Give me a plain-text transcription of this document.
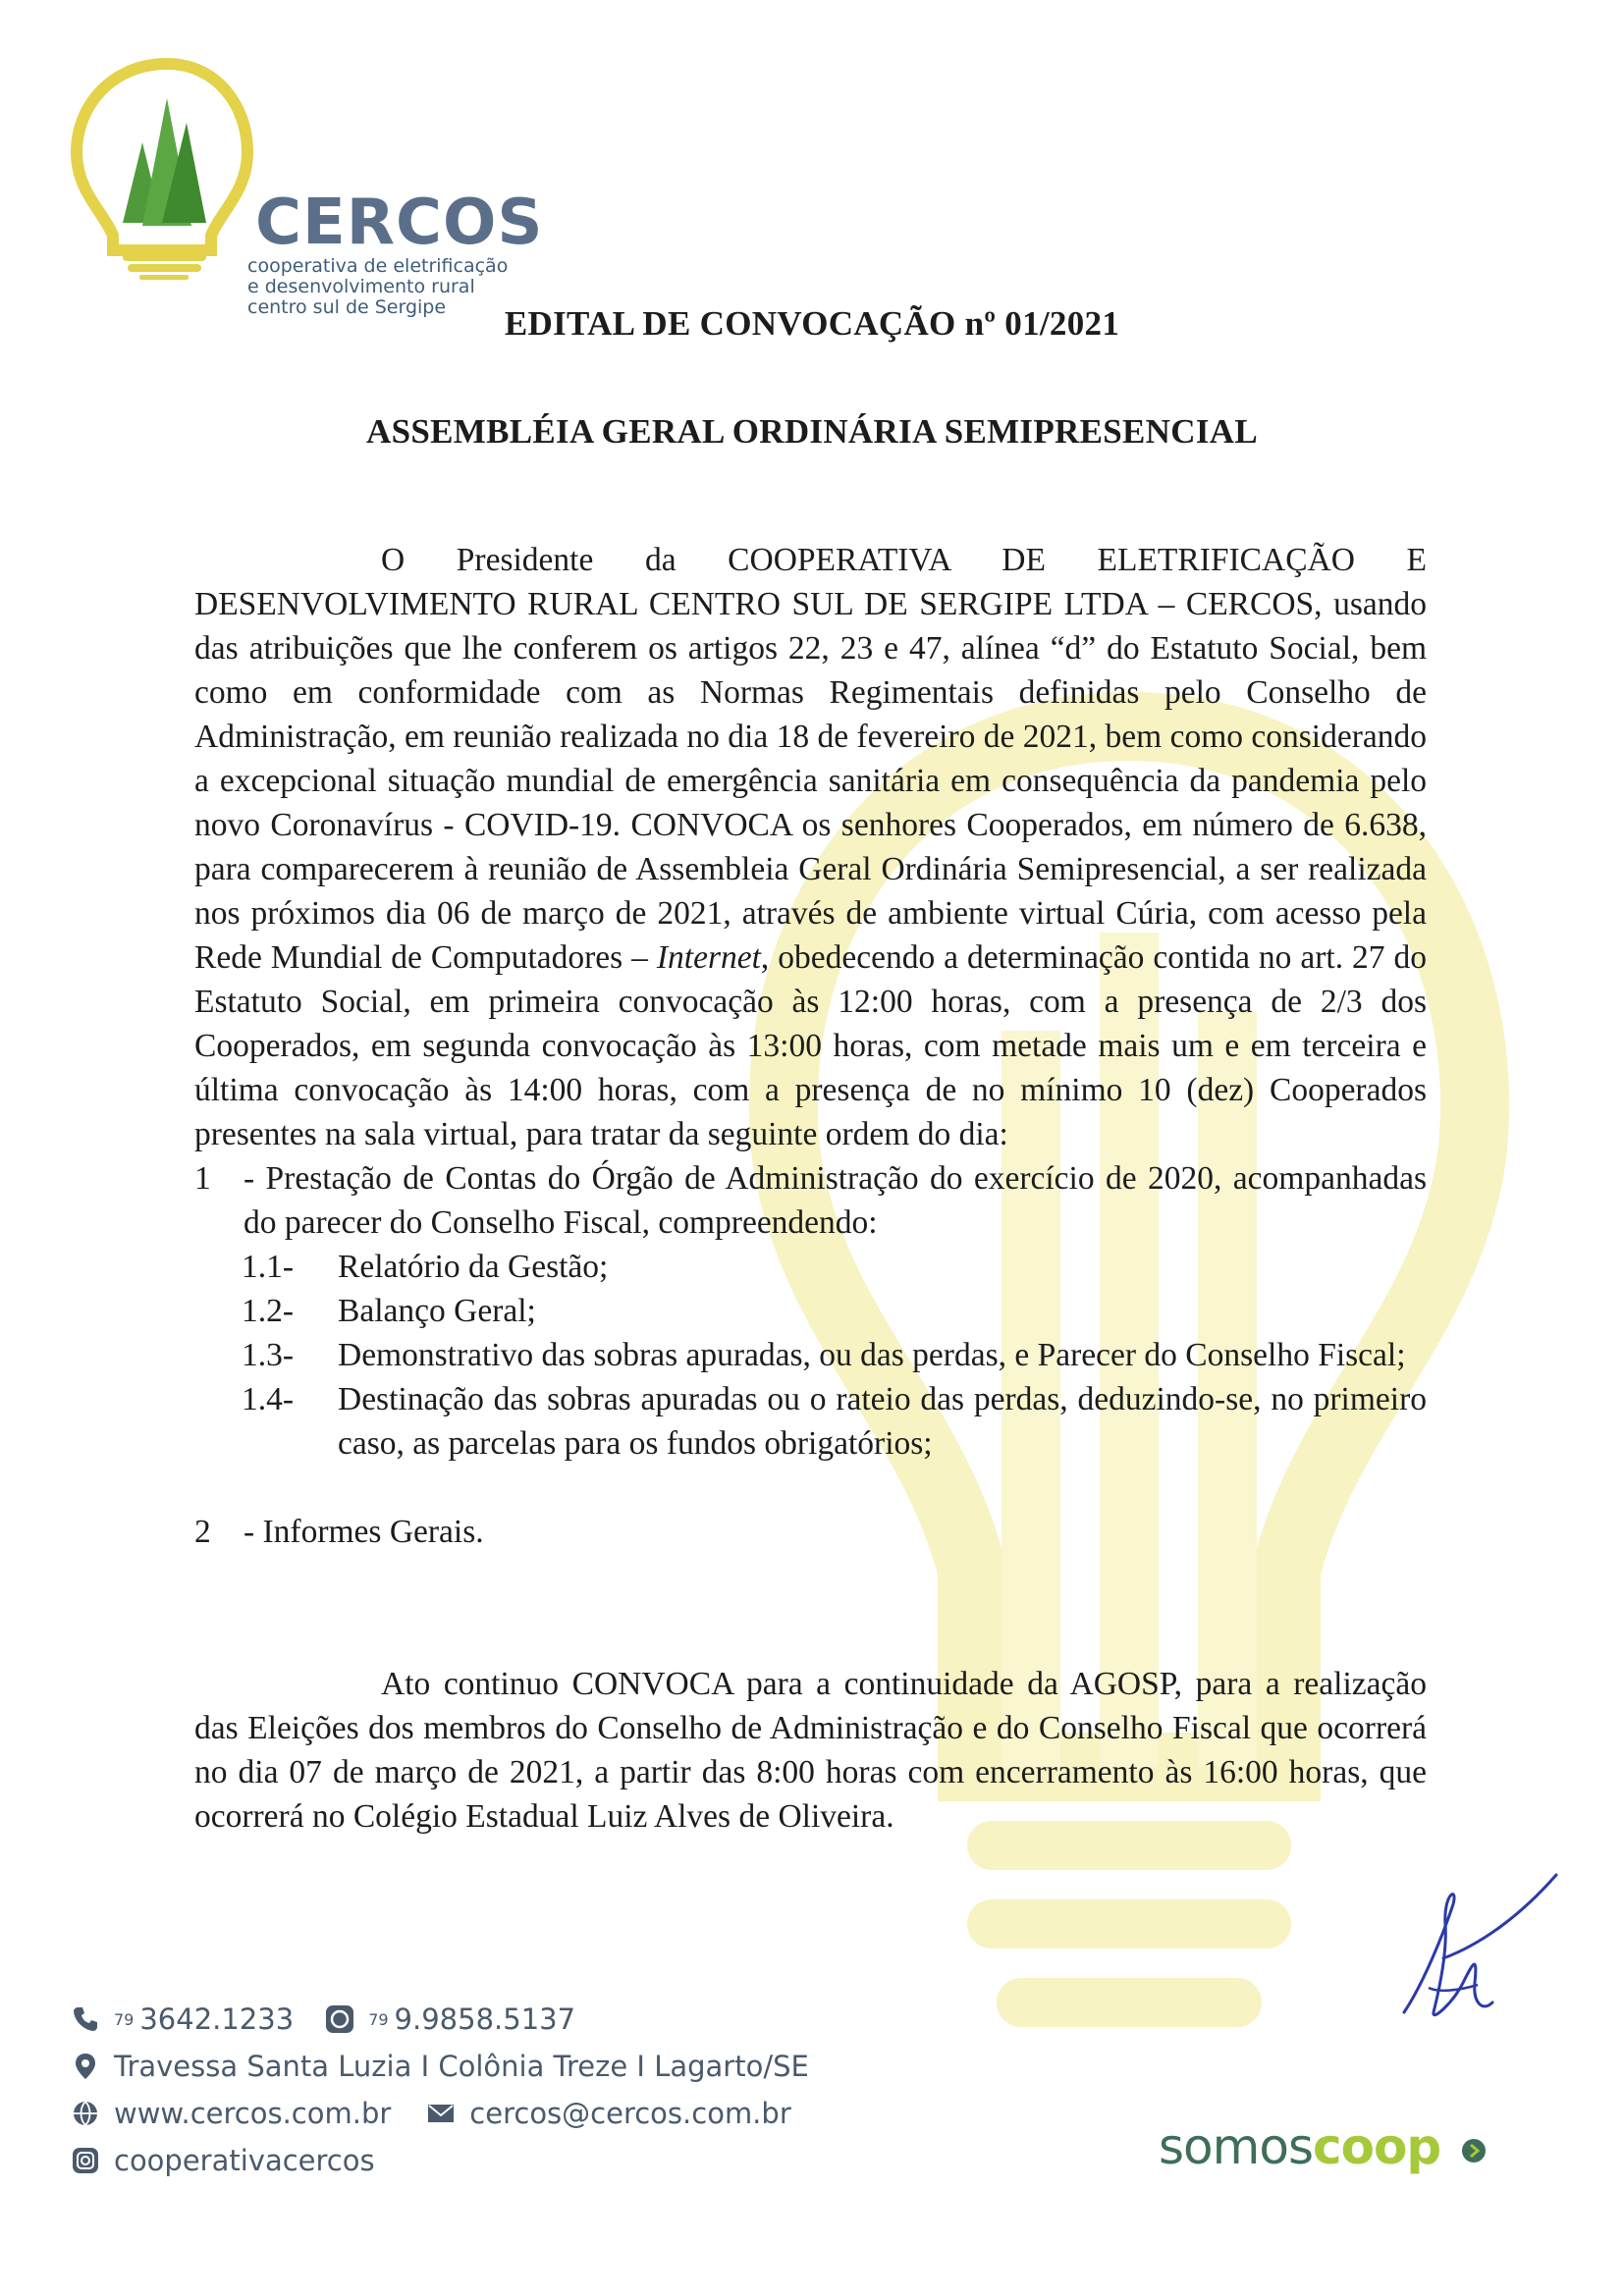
CERCOS
cooperativa de eletrificação
e desenvolvimento rural
centro sul de Sergipe	EDITAL DE CONVOCAÇÃO nº 01/2021
ASSEMBLÉIA GERAL ORDINÁRIA SEMIPRESENCIAL

O Presidente da COOPERATIVA DE ELETRIFICAÇÃO E DESENVOLVIMENTO RURAL CENTRO SUL DE SERGIPE LTDA – CERCOS, usando das atribuições que lhe conferem os artigos 22, 23 e 47, alínea “d” do Estatuto Social, bem como em conformidade com as Normas Regimentais definidas pelo Conselho de Administração, em reunião realizada no dia 18 de fevereiro de 2021, bem como considerando a excepcional situação mundial de emergência sanitária em consequência da pandemia pelo novo Coronavírus - COVID-19. CONVOCA os senhores Cooperados, em número de 6.638, para comparecerem à reunião de Assembleia Geral Ordinária Semipresencial, a ser realizada nos próximos dia 06 de março de 2021, através de ambiente virtual Cúria, com acesso pela Rede Mundial de Computadores – Internet, obedecendo a determinação contida no art. 27 do Estatuto Social, em primeira convocação às 12:00 horas, com a presença de 2/3 dos Cooperados, em segunda convocação às 13:00 horas, com metade mais um e em terceira e última convocação às 14:00 horas, com a presença de no mínimo 10 (dez) Cooperados presentes na sala virtual, para tratar da seguinte ordem do dia:

1 - Prestação de Contas do Órgão de Administração do exercício de 2020, acompanhadas do parecer do Conselho Fiscal, compreendendo:
1.1-	Relatório da Gestão;
1.2-	Balanço Geral;
1.3-	Demonstrativo das sobras apuradas, ou das perdas, e Parecer do Conselho Fiscal;
1.4-	Destinação das sobras apuradas ou o rateio das perdas, deduzindo-se, no primeiro caso, as parcelas para os fundos obrigatórios;
2 - Informes Gerais.

Ato continuo CONVOCA para a continuidade da AGOSP, para a realização das Eleições dos membros do Conselho de Administração e do Conselho Fiscal que ocorrerá no dia 07 de março de 2021, a partir das 8:00 horas com encerramento às 16:00 horas, que ocorrerá no Colégio Estadual Luiz Alves de Oliveira.

79 3642.1233	79 9.9858.5137
Travessa Santa Luzia I Colônia Treze I Lagarto/SE
www.cercos.com.br	cercos@cercos.com.br
cooperativacercos	somoscoop
